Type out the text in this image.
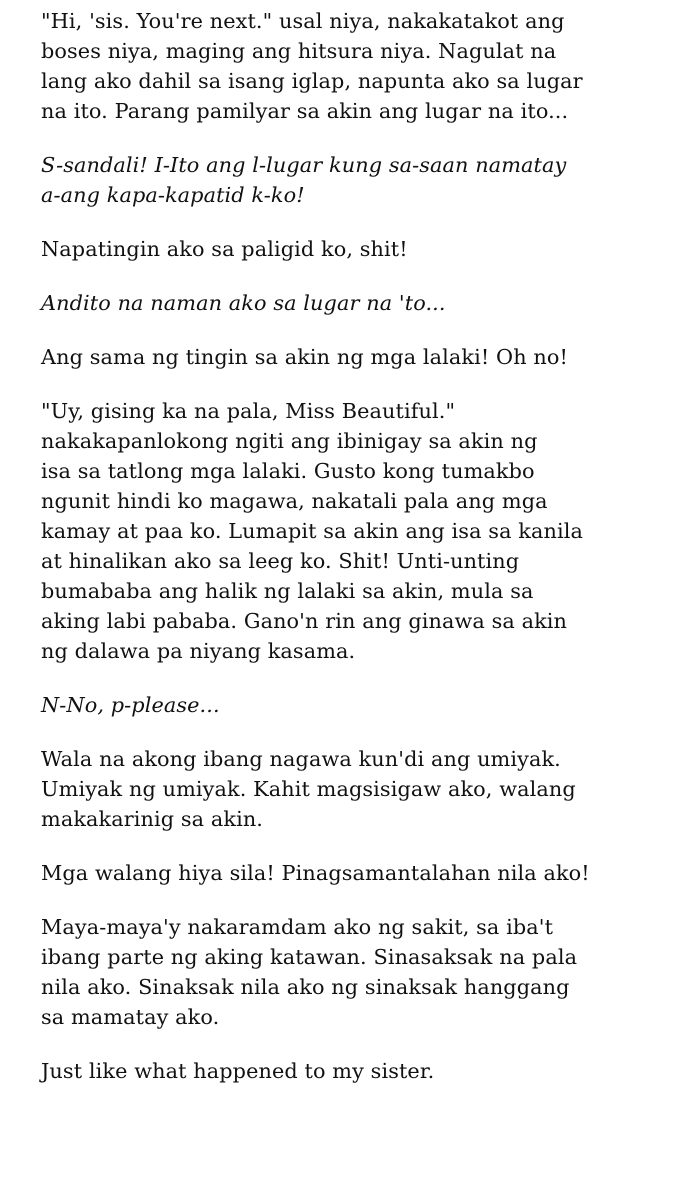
"Hi, 'sis. You're next." usal niya, nakakatakot ang
boses niya, maging ang hitsura niya. Nagulat na
lang ako dahil sa isang iglap, napunta ako sa lugar
na ito. Parang pamilyar sa akin ang lugar na ito...

S-sandali! I-Ito ang l-lugar kung sa-saan namatay
a-ang kapa-kapatid k-ko!

Napatingin ako sa paligid ko, shit!

Andito na naman ako sa lugar na 'to...

Ang sama ng tingin sa akin ng mga lalaki! Oh no!

"Uy, gising ka na pala, Miss Beautiful."
nakakapanlokong ngiti ang ibinigay sa akin ng
isa sa tatlong mga lalaki. Gusto kong tumakbo
ngunit hindi ko magawa, nakatali pala ang mga
kamay at paa ko. Lumapit sa akin ang isa sa kanila
at hinalikan ako sa leeg ko. Shit! Unti-unting
bumababa ang halik ng lalaki sa akin, mula sa
aking labi pababa. Gano'n rin ang ginawa sa akin
ng dalawa pa niyang kasama.

N-No, p-please...

Wala na akong ibang nagawa kun'di ang umiyak.
Umiyak ng umiyak. Kahit magsisigaw ako, walang
makakarinig sa akin.

Mga walang hiya sila! Pinagsamantalahan nila ako!

Maya-maya'y nakaramdam ako ng sakit, sa iba't
ibang parte ng aking katawan. Sinasaksak na pala
nila ako. Sinaksak nila ako ng sinaksak hanggang
sa mamatay ako.

Just like what happened to my sister.
